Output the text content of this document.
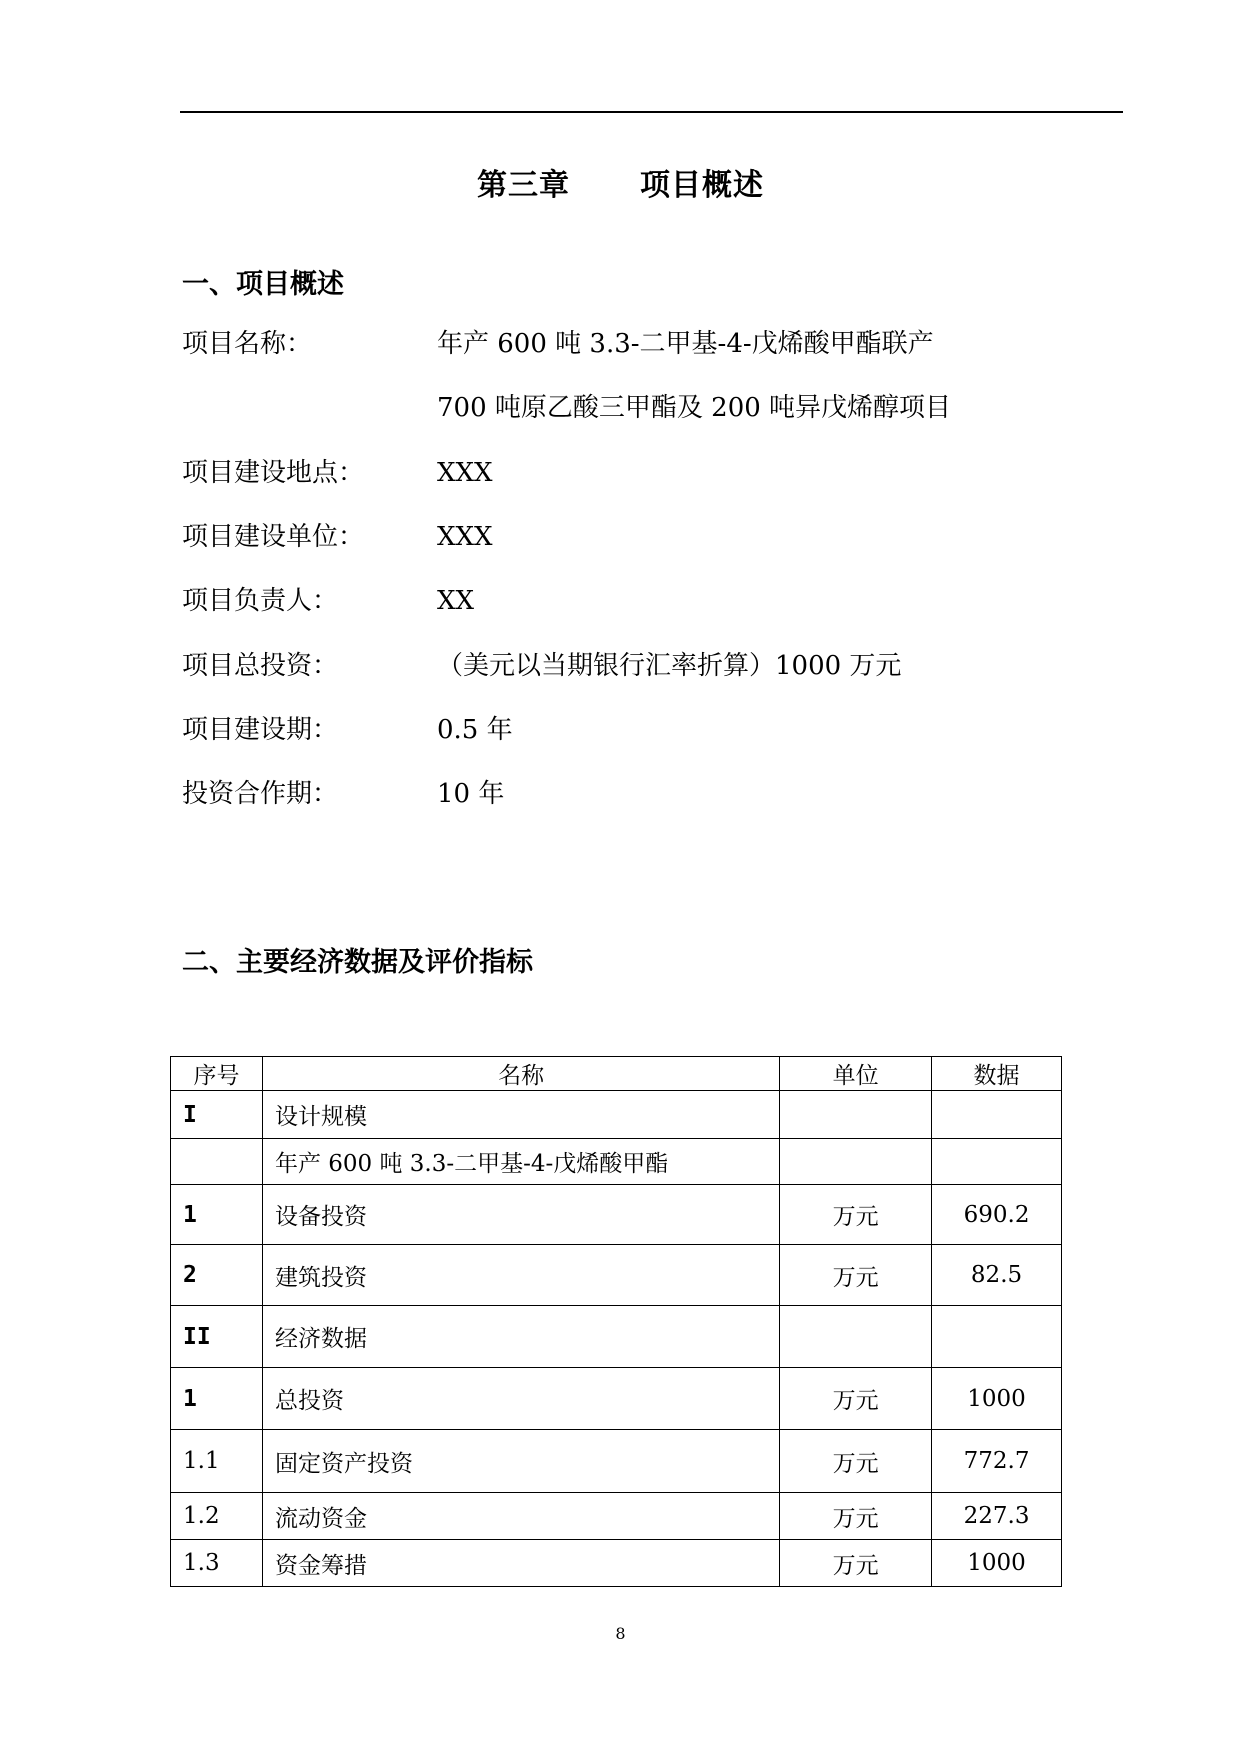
第三章 项目概述
一、项目概述
项目名称：	年产 600 吨 3.3-二甲基-4-戊烯酸甲酯联产
700 吨原乙酸三甲酯及 200 吨异戊烯醇项目
项目建设地点：	XXX
项目建设单位：	XXX
项目负责人：	XX
项目总投资：	（美元以当期银行汇率折算）1000 万元
项目建设期：	0.5 年
投资合作期：	10 年
二、主要经济数据及评价指标
序号	名称	单位	数据
I	设计规模		
	年产 600 吨 3.3-二甲基-4-戊烯酸甲酯		
1	设备投资	万元	690.2
2	建筑投资	万元	82.5
II	经济数据		
1	总投资	万元	1000
1.1	固定资产投资	万元	772.7
1.2	流动资金	万元	227.3
1.3	资金筹措	万元	1000
8
